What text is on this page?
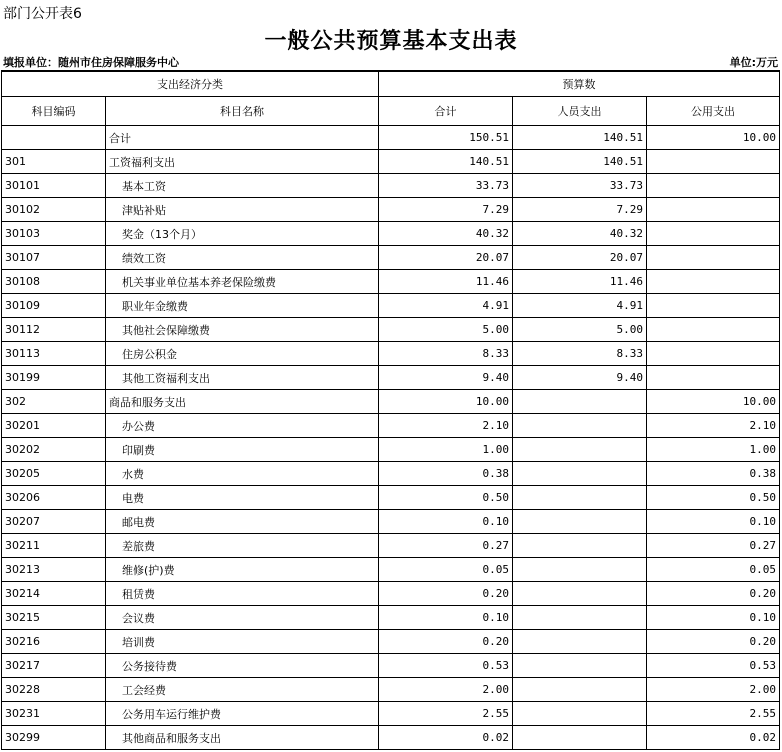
部门公开表6
一般公共预算基本支出表
填报单位：随州市住房保障服务中心	单位:万元
支出经济分类		预算数		
科目编码	科目名称	合计	人员支出	公用支出
	合计	150.51	140.51	10.00
301	工资福利支出	140.51	140.51	
30101	基本工资	33.73	33.73	
30102	津贴补贴	7.29	7.29	
30103	奖金（13个月）	40.32	40.32	
30107	绩效工资	20.07	20.07	
30108	机关事业单位基本养老保险缴费	11.46	11.46	
30109	职业年金缴费	4.91	4.91	
30112	其他社会保障缴费	5.00	5.00	
30113	住房公积金	8.33	8.33	
30199	其他工资福利支出	9.40	9.40	
302	商品和服务支出	10.00		10.00
30201	办公费	2.10		2.10
30202	印刷费	1.00		1.00
30205	水费	0.38		0.38
30206	电费	0.50		0.50
30207	邮电费	0.10		0.10
30211	差旅费	0.27		0.27
30213	维修(护)费	0.05		0.05
30214	租赁费	0.20		0.20
30215	会议费	0.10		0.10
30216	培训费	0.20		0.20
30217	公务接待费	0.53		0.53
30228	工会经费	2.00		2.00
30231	公务用车运行维护费	2.55		2.55
30299	其他商品和服务支出	0.02		0.02
